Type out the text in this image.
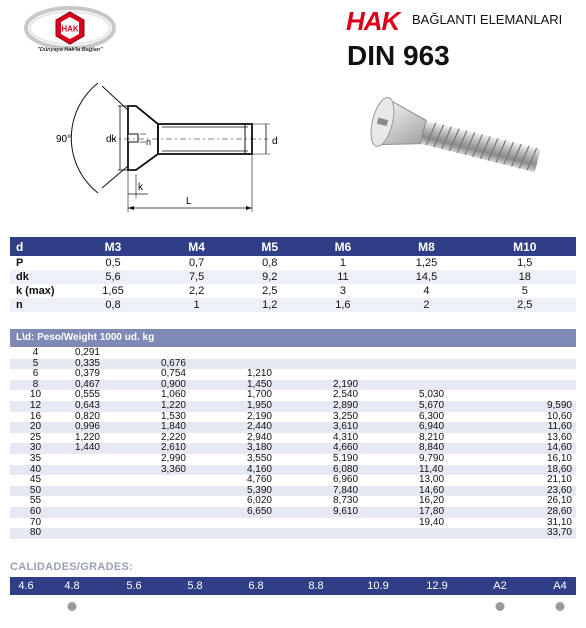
HAK
"Dünyaya Hak'la Bağlan"
HAK BAĞLANTI ELEMANLARI
DIN 963
90°	dk	n	d
k
L
d	M3	M4	M5	M6	M8	M10
P	0,5	0,7	0,8	1	1,25	1,5
dk	5,6	7,5	9,2	11	14,5	18
k (max)	1,65	2,2	2,5	3	4	5
n	0,8	1	1,2	1,6	2	2,5
L\d: Peso/Weight 1000 ud. kg
4	0,291					
5	0,335	0,676				
6	0,379	0,754	1,210			
8	0,467	0,900	1,450	2,190		
10	0,555	1,060	1,700	2,540	5,030	
12	0,643	1,220	1,950	2,890	5,670	9,590
16	0,820	1,530	2,190	3,250	6,300	10,60
20	0,996	1,840	2,440	3,610	6,940	11,60
25	1,220	2,220	2,940	4,310	8,210	13,60
30	1,440	2,610	3,180	4,660	8,840	14,60
35		2,990	3,550	5,190	9,790	16,10
40		3,360	4,160	6,080	11,40	18,60
45			4,760	6,960	13,00	21,10
50			5,390	7,840	14,60	23,60
55			6,020	8,730	16,20	26,10
60			6,650	9,610	17,80	28,60
70					19,40	31,10
80						33,70
CALIDADES/GRADES:
4.6	4.8	5.6	5.8	6.8	8.8	10.9	12.9	A2	A4
